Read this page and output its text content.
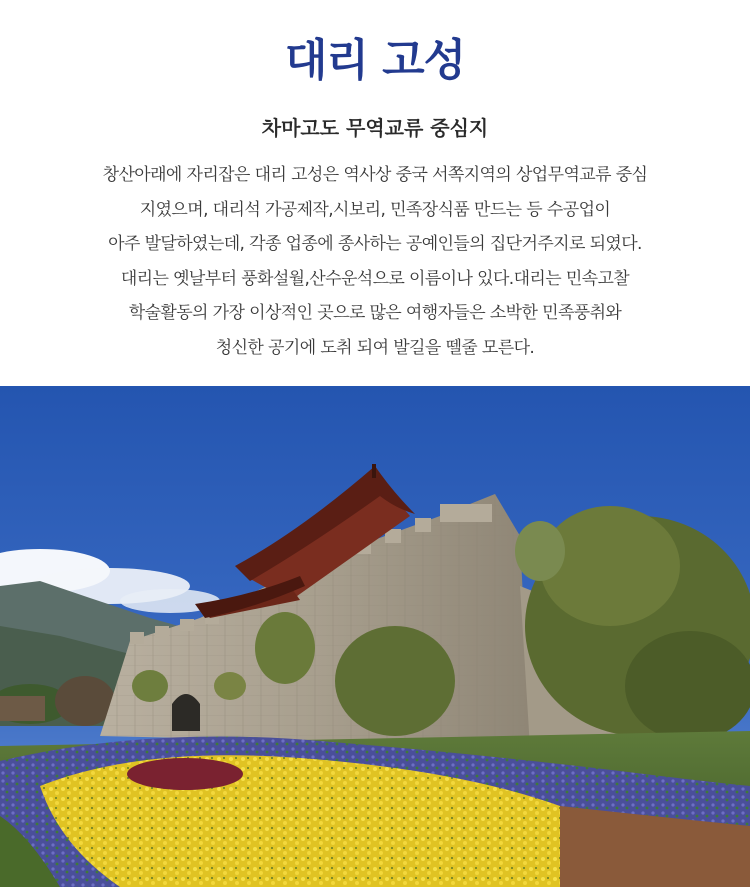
대리 고성
차마고도 무역교류 중심지
창산아래에 자리잡은 대리 고성은 역사상 중국 서쪽지역의 상업무역교류 중심
지였으며, 대리석 가공제작,시보리, 민족장식품 만드는 등 수공업이
아주 발달하였는데, 각종 업종에 종사하는 공예인들의 집단거주지로 되였다.
대리는 옛날부터 풍화설월,산수운석으로 이름이나 있다.대리는 민속고찰
학술활동의 가장 이상적인 곳으로 많은 여행자들은 소박한 민족풍취와
청신한 공기에 도취 되여 발길을 뗄줄 모른다.
